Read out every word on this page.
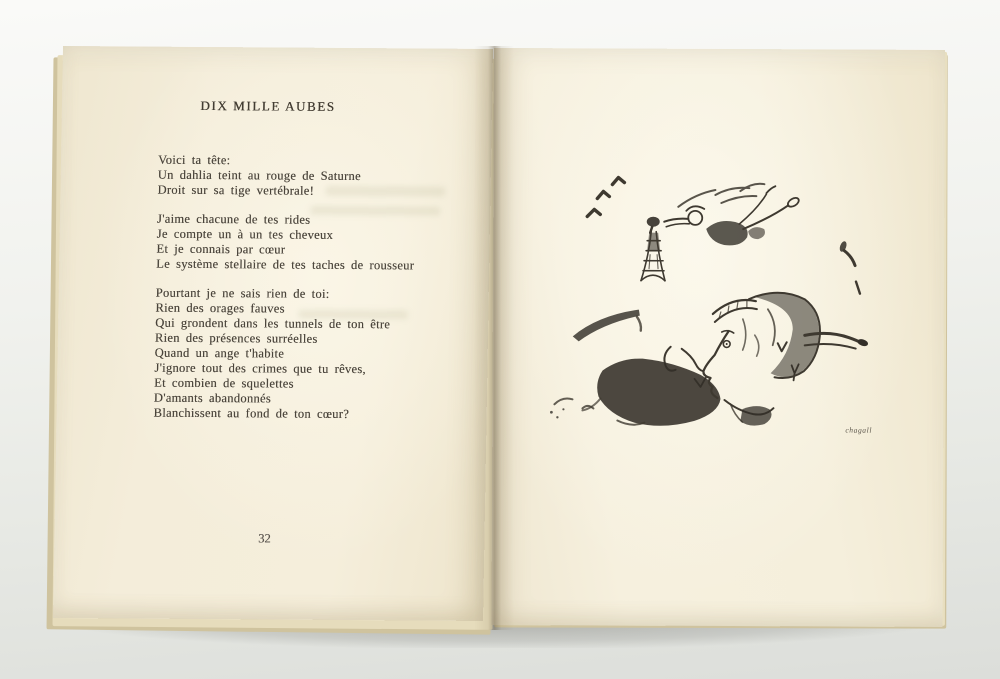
DIX MILLE AUBES
Voici ta tête:
Un dahlia teint au rouge de Saturne
Droit sur sa tige vertébrale!
J'aime chacune de tes rides
Je compte un à un tes cheveux
Et je connais par cœur
Le système stellaire de tes taches de rousseur
Pourtant je ne sais rien de toi:
Rien des orages fauves
Qui grondent dans les tunnels de ton être
Rien des présences surréelles
Quand un ange t'habite
J'ignore tout des crimes que tu rêves,
Et combien de squelettes
D'amants abandonnés
Blanchissent au fond de ton cœur?
32
chagall
